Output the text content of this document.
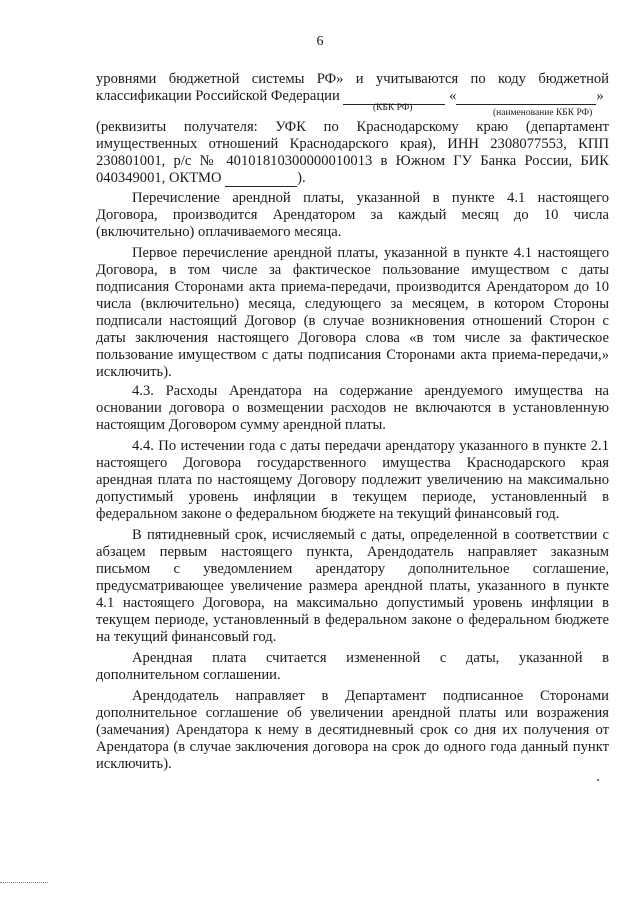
6
уровнями бюджетной системы РФ» и учитываются по коду бюджетной
классификации Российской Федерации	«	»
(КБК РФ)	(наименование КБК РФ)
(реквизиты получателя: УФК по Краснодарскому краю (департамент
имущественных отношений Краснодарского края), ИНН 2308077553, КПП
230801001, р/с № 40101810300000010013 в Южном ГУ Банка России, БИК
040349001, ОКТМО	).
Перечисление арендной платы, указанной в пункте 4.1 настоящего
Договора, производится Арендатором за каждый месяц до 10 числа
(включительно) оплачиваемого месяца.
Первое перечисление арендной платы, указанной в пункте 4.1 настоящего
Договора, в том числе за фактическое пользование имуществом с даты
подписания Сторонами акта приема-передачи, производится Арендатором до 10
числа (включительно) месяца, следующего за месяцем, в котором Стороны
подписали настоящий Договор (в случае возникновения отношений Сторон с
даты заключения настоящего Договора слова «в том числе за фактическое
пользование имуществом с даты подписания Сторонами акта приема-передачи,»
исключить).
4.3. Расходы Арендатора на содержание арендуемого имущества на
основании договора о возмещении расходов не включаются в установленную
настоящим Договором сумму арендной платы.
4.4. По истечении года с даты передачи арендатору указанного в пункте 2.1
настоящего Договора государственного имущества Краснодарского края
арендная плата по настоящему Договору подлежит увеличению на максимально
допустимый уровень инфляции в текущем периоде, установленный в
федеральном законе о федеральном бюджете на текущий финансовый год.
В пятидневный срок, исчисляемый с даты, определенной в соответствии с
абзацем первым настоящего пункта, Арендодатель направляет заказным
письмом с уведомлением арендатору дополнительное соглашение,
предусматривающее увеличение размера арендной платы, указанного в пункте
4.1 настоящего Договора, на максимально допустимый уровень инфляции в
текущем периоде, установленный в федеральном законе о федеральном бюджете
на текущий финансовый год.
Арендная плата считается измененной с даты, указанной в
дополнительном соглашении.
Арендодатель направляет в Департамент подписанное Сторонами
дополнительное соглашение об увеличении арендной платы или возражения
(замечания) Арендатора к нему в десятидневный срок со дня их получения от
Арендатора (в случае заключения договора на срок до одного года данный пункт
исключить).
